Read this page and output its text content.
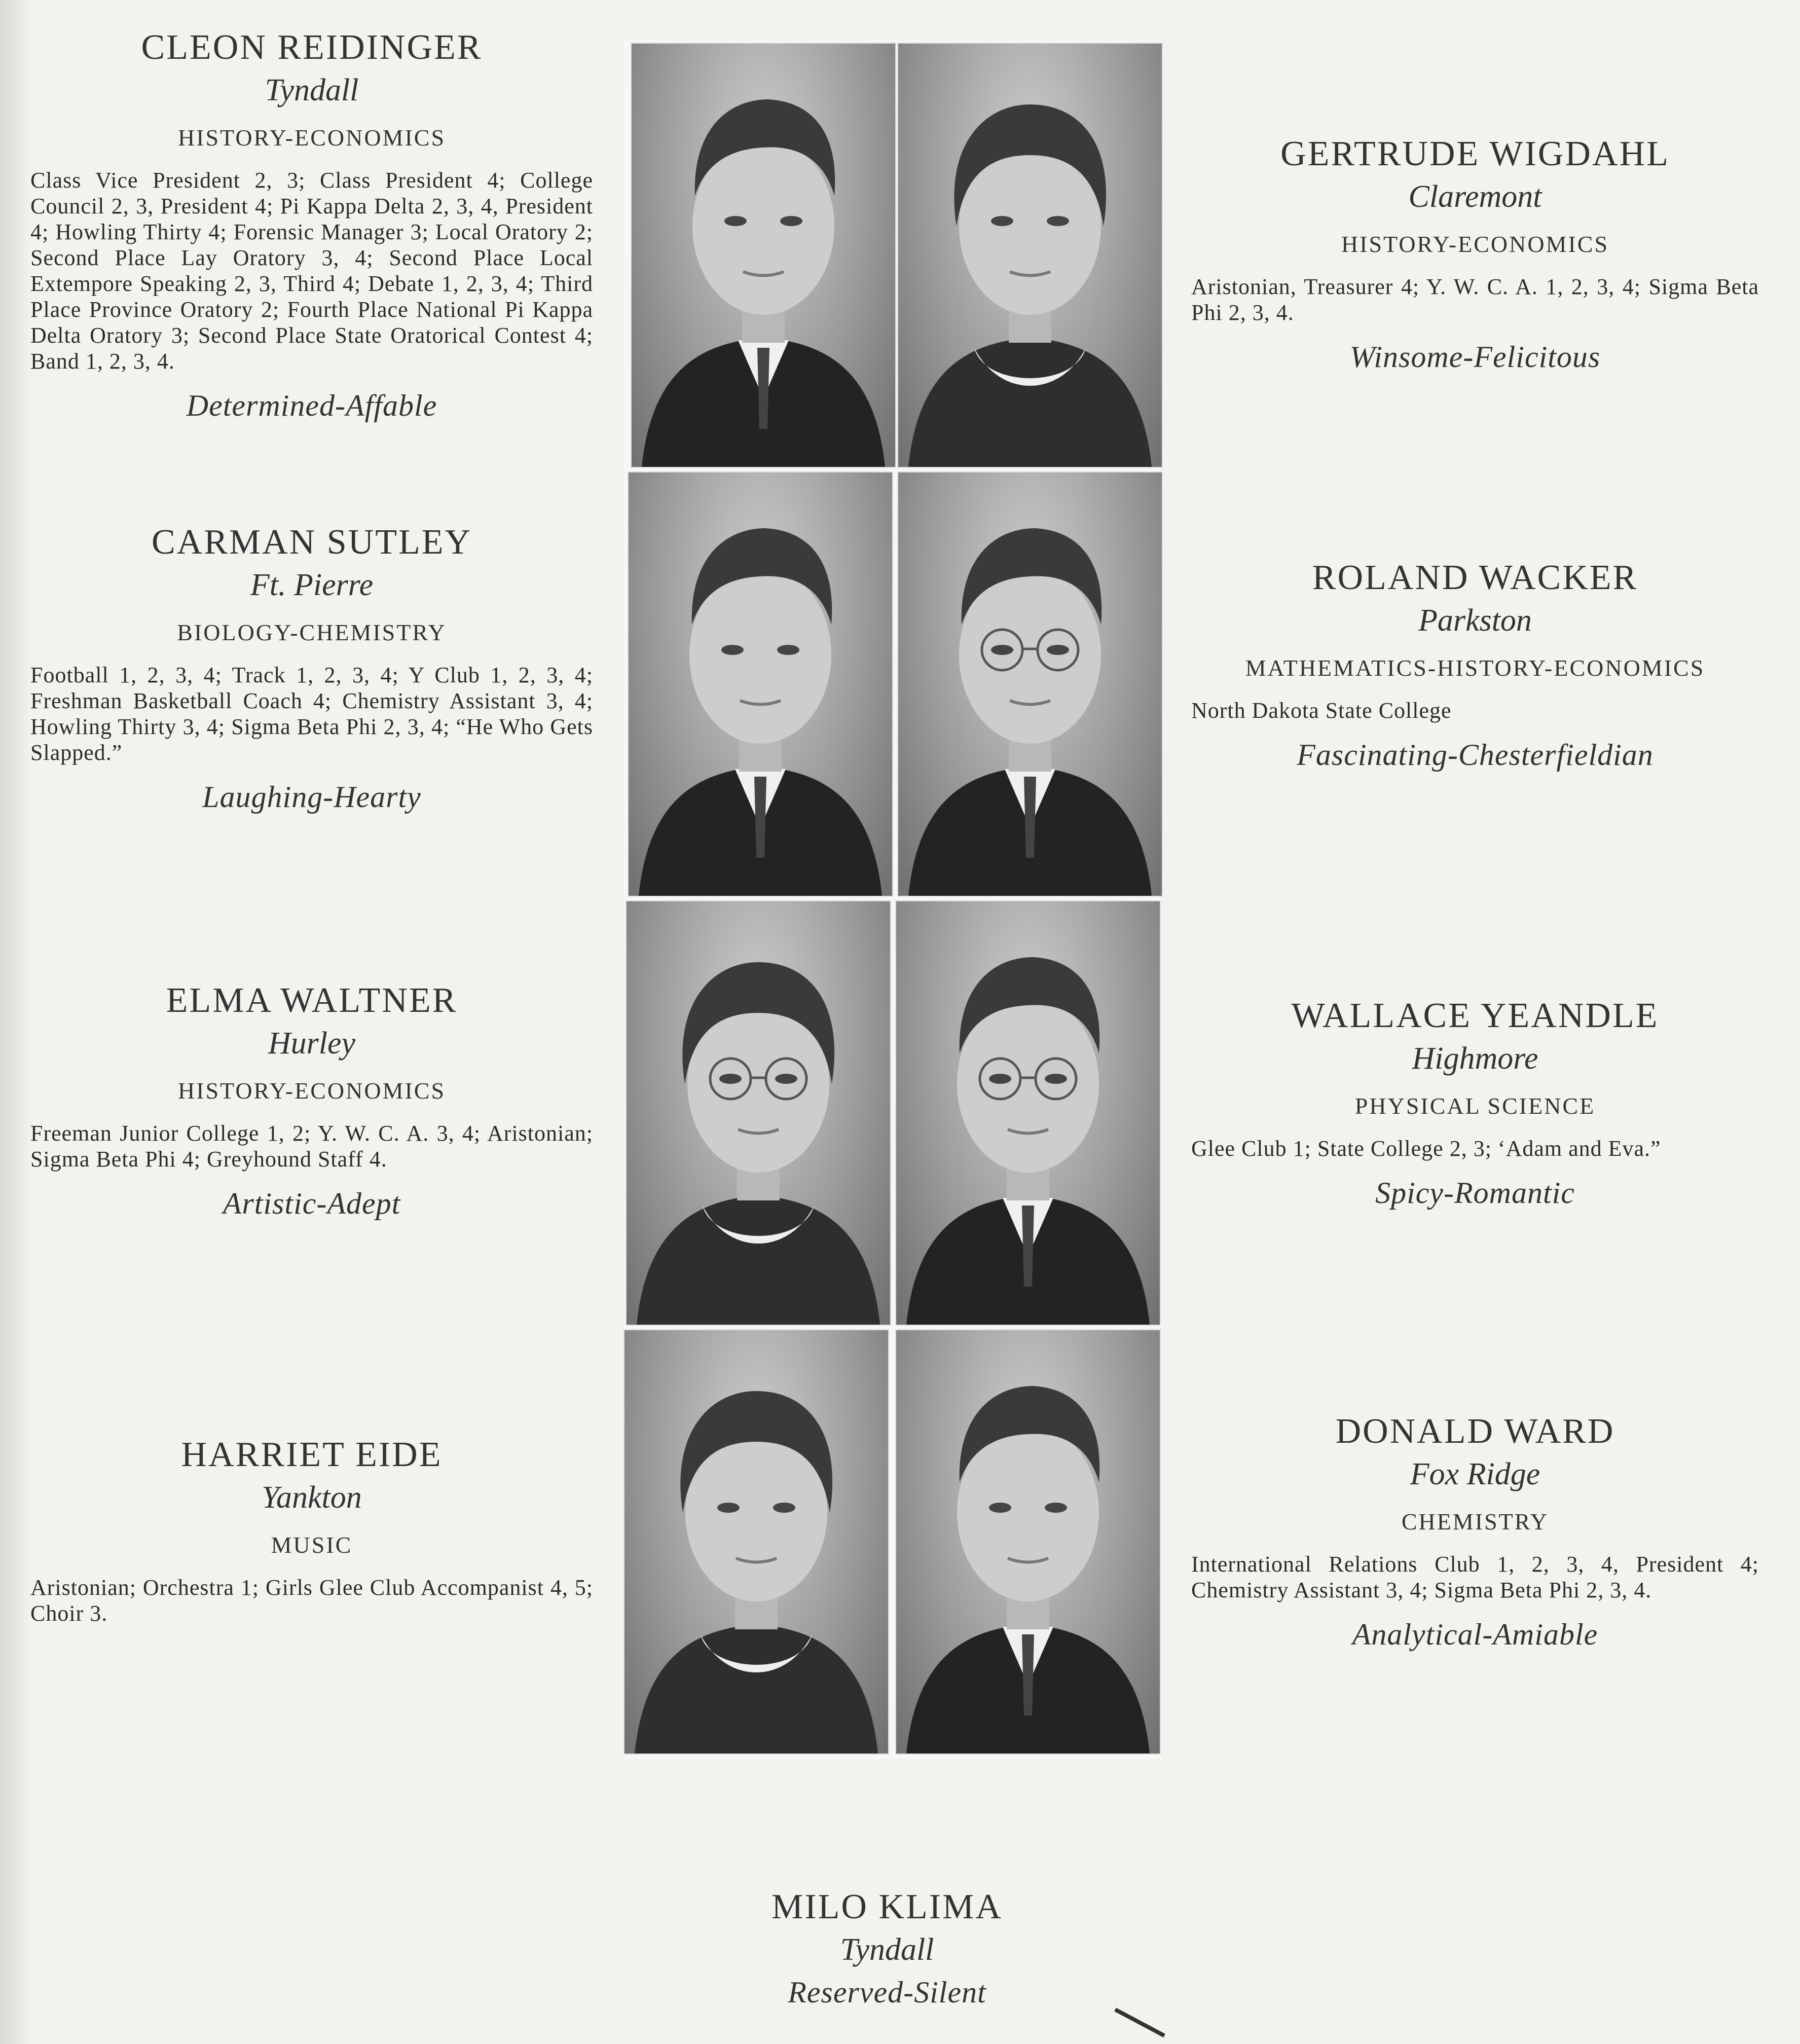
CLEON REIDINGER
Tyndall
HISTORY-ECONOMICS
Class Vice President 2, 3; Class President 4; College Council 2, 3, President 4; Pi Kappa Delta 2, 3, 4, President 4; Howling Thirty 4; Forensic Manager 3; Local Oratory 2; Second Place Lay Oratory 3, 4; Second Place Local Extempore Speaking 2, 3, Third 4; Debate 1, 2, 3, 4; Third Place Province Oratory 2; Fourth Place National Pi Kappa Delta Oratory 3; Second Place State Oratorical Contest 4; Band 1, 2, 3, 4.
Determined-Affable
CARMAN SUTLEY
Ft. Pierre
BIOLOGY-CHEMISTRY
Football 1, 2, 3, 4; Track 1, 2, 3, 4; Y Club 1, 2, 3, 4; Freshman Basketball Coach 4; Chemistry Assistant 3, 4; Howling Thirty 3, 4; Sigma Beta Phi 2, 3, 4; “He Who Gets Slapped.”
Laughing-Hearty
ELMA WALTNER
Hurley
HISTORY-ECONOMICS
Freeman Junior College 1, 2; Y. W. C. A. 3, 4; Aristonian; Sigma Beta Phi 4; Greyhound Staff 4.
Artistic-Adept
HARRIET EIDE
Yankton
MUSIC
Aristonian; Orchestra 1; Girls Glee Club Accompanist 4, 5; Choir 3.
GERTRUDE WIGDAHL
Claremont
HISTORY-ECONOMICS
Aristonian, Treasurer 4; Y. W. C. A. 1, 2, 3, 4; Sigma Beta Phi 2, 3, 4.
Winsome-Felicitous
ROLAND WACKER
Parkston
MATHEMATICS-HISTORY-ECONOMICS
North Dakota State College
Fascinating-Chesterfieldian
WALLACE YEANDLE
Highmore
PHYSICAL SCIENCE
Glee Club 1; State College 2, 3; ‘Adam and Eva.”
Spicy-Romantic
DONALD WARD
Fox Ridge
CHEMISTRY
International Relations Club 1, 2, 3, 4, President 4; Chemistry Assistant 3, 4; Sigma Beta Phi 2, 3, 4.
Analytical-Amiable
MILO KLIMA
Tyndall
Reserved-Silent
